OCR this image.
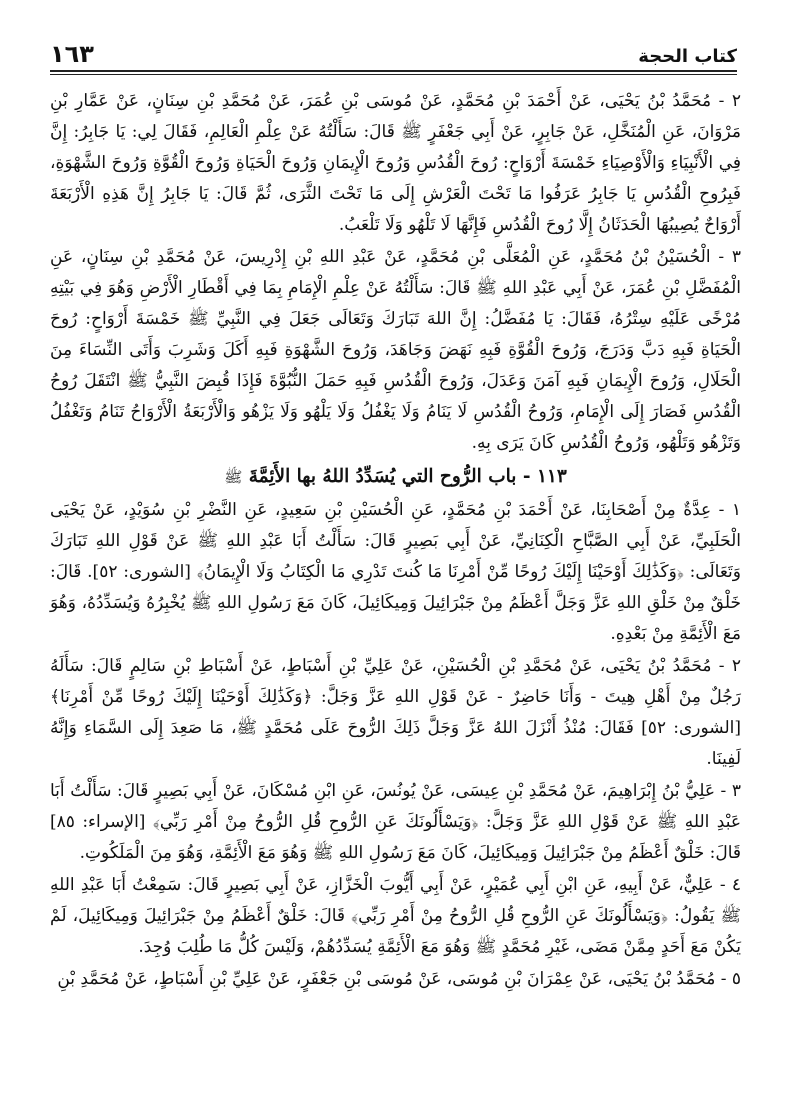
١٦٣	كتاب الحجة

٢ - مُحَمَّدُ بْنُ يَحْيَى، عَنْ أَحْمَدَ بْنِ مُحَمَّدٍ، عَنْ مُوسَى بْنِ عُمَرَ، عَنْ مُحَمَّدِ بْنِ سِنَانٍ، عَنْ عَمَّارِ بْنِ مَرْوَانَ، عَنِ الْمُنَخَّلِ، عَنْ جَابِرٍ، عَنْ أَبِي جَعْفَرٍ ﷺ قَالَ: سَأَلْتُهُ عَنْ عِلْمِ الْعَالِمِ، فَقَالَ لِي: يَا جَابِرُ: إِنَّ فِي الْأَنْبِيَاءِ وَالْأَوْصِيَاءِ خَمْسَةَ أَرْوَاحٍ: رُوحَ الْقُدُسِ وَرُوحَ الْإِيمَانِ وَرُوحَ الْحَيَاةِ وَرُوحَ الْقُوَّةِ وَرُوحَ الشَّهْوَةِ، فَبِرُوحِ الْقُدُسِ يَا جَابِرُ عَرَفُوا مَا تَحْتَ الْعَرْشِ إِلَى مَا تَحْتَ الثَّرَى، ثُمَّ قَالَ: يَا جَابِرُ إِنَّ هَذِهِ الْأَرْبَعَةَ أَرْوَاحٌ يُصِيبُهَا الْحَدَثَانُ إِلَّا رُوحَ الْقُدُسِ فَإِنَّهَا لَا تَلْهُو وَلَا تَلْعَبُ.

٣ - الْحُسَيْنُ بْنُ مُحَمَّدٍ، عَنِ الْمُعَلَّى بْنِ مُحَمَّدٍ، عَنْ عَبْدِ اللهِ بْنِ إِدْرِيسَ، عَنْ مُحَمَّدِ بْنِ سِنَانٍ، عَنِ الْمُفَضَّلِ بْنِ عُمَرَ، عَنْ أَبِي عَبْدِ اللهِ ﷺ قَالَ: سَأَلْتُهُ عَنْ عِلْمِ الْإِمَامِ بِمَا فِي أَقْطَارِ الْأَرْضِ وَهُوَ فِي بَيْتِهِ مُرْخًى عَلَيْهِ سِتْرُهُ، فَقَالَ: يَا مُفَضَّلُ: إِنَّ اللهَ تَبَارَكَ وَتَعَالَى جَعَلَ فِي النَّبِيِّ ﷺ خَمْسَةَ أَرْوَاحٍ: رُوحَ الْحَيَاةِ فَبِهِ دَبَّ وَدَرَجَ، وَرُوحَ الْقُوَّةِ فَبِهِ نَهَضَ وَجَاهَدَ، وَرُوحَ الشَّهْوَةِ فَبِهِ أَكَلَ وَشَرِبَ وَأَتَى النِّسَاءَ مِنَ الْحَلَالِ، وَرُوحَ الْإِيمَانِ فَبِهِ آمَنَ وَعَدَلَ، وَرُوحَ الْقُدُسِ فَبِهِ حَمَلَ النُّبُوَّةَ فَإِذَا قُبِضَ النَّبِيُّ ﷺ انْتَقَلَ رُوحُ الْقُدُسِ فَصَارَ إِلَى الْإِمَامِ، وَرُوحُ الْقُدُسِ لَا يَنَامُ وَلَا يَغْفُلُ وَلَا يَلْهُو وَلَا يَزْهُو وَالْأَرْبَعَةُ الْأَرْوَاحُ تَنَامُ وَتَغْفُلُ وَتَزْهُو وَتَلْهُو، وَرُوحُ الْقُدُسِ كَانَ يَرَى بِهِ.

١١٣ - باب الرُّوح التي يُسَدِّدُ اللهُ بها الأَئِمَّةَ ﷺ

١ - عِدَّةٌ مِنْ أَصْحَابِنَا، عَنْ أَحْمَدَ بْنِ مُحَمَّدٍ، عَنِ الْحُسَيْنِ بْنِ سَعِيدٍ، عَنِ النَّضْرِ بْنِ سُوَيْدٍ، عَنْ يَحْيَى الْحَلَبِيِّ، عَنْ أَبِي الصَّبَّاحِ الْكِنَانِيِّ، عَنْ أَبِي بَصِيرٍ قَالَ: سَأَلْتُ أَبَا عَبْدِ اللهِ ﷺ عَنْ قَوْلِ اللهِ تَبَارَكَ وَتَعَالَى: ﴿وَكَذَٰلِكَ أَوْحَيْنَا إِلَيْكَ رُوحًا مِّنْ أَمْرِنَا مَا كُنتَ تَدْرِي مَا الْكِتَابُ وَلَا الْإِيمَانُ﴾ [الشورى: ٥٢]. قَالَ: خَلْقٌ مِنْ خَلْقِ اللهِ عَزَّ وَجَلَّ أَعْظَمُ مِنْ جَبْرَائِيلَ وَمِيكَائِيلَ، كَانَ مَعَ رَسُولِ اللهِ ﷺ يُخْبِرُهُ وَيُسَدِّدُهُ، وَهُوَ مَعَ الْأَئِمَّةِ مِنْ بَعْدِهِ.

٢ - مُحَمَّدُ بْنُ يَحْيَى، عَنْ مُحَمَّدِ بْنِ الْحُسَيْنِ، عَنْ عَلِيِّ بْنِ أَسْبَاطٍ، عَنْ أَسْبَاطِ بْنِ سَالِمٍ قَالَ: سَأَلَهُ رَجُلٌ مِنْ أَهْلِ هِيتَ - وَأَنَا حَاضِرٌ - عَنْ قَوْلِ اللهِ عَزَّ وَجَلَّ: ﴿وَكَذَٰلِكَ أَوْحَيْنَا إِلَيْكَ رُوحًا مِّنْ أَمْرِنَا﴾ [الشورى: ٥٢] فَقَالَ: مُنْذُ أَنْزَلَ اللهُ عَزَّ وَجَلَّ ذَلِكَ الرُّوحَ عَلَى مُحَمَّدٍ ﷺ، مَا صَعِدَ إِلَى السَّمَاءِ وَإِنَّهُ لَفِينَا.

٣ - عَلِيُّ بْنُ إِبْرَاهِيمَ، عَنْ مُحَمَّدِ بْنِ عِيسَى، عَنْ يُونُسَ، عَنِ ابْنِ مُسْكَانَ، عَنْ أَبِي بَصِيرٍ قَالَ: سَأَلْتُ أَبَا عَبْدِ اللهِ ﷺ عَنْ قَوْلِ اللهِ عَزَّ وَجَلَّ: ﴿وَيَسْأَلُونَكَ عَنِ الرُّوحِ قُلِ الرُّوحُ مِنْ أَمْرِ رَبِّي﴾ [الإسراء: ٨٥] قَالَ: خَلْقٌ أَعْظَمُ مِنْ جَبْرَائِيلَ وَمِيكَائِيلَ، كَانَ مَعَ رَسُولِ اللهِ ﷺ وَهُوَ مَعَ الْأَئِمَّةِ، وَهُوَ مِنَ الْمَلَكُوتِ.

٤ - عَلِيٌّ، عَنْ أَبِيهِ، عَنِ ابْنِ أَبِي عُمَيْرٍ، عَنْ أَبِي أَيُّوبَ الْخَزَّازِ، عَنْ أَبِي بَصِيرٍ قَالَ: سَمِعْتُ أَبَا عَبْدِ اللهِ ﷺ يَقُولُ: ﴿وَيَسْأَلُونَكَ عَنِ الرُّوحِ قُلِ الرُّوحُ مِنْ أَمْرِ رَبِّي﴾ قَالَ: خَلْقٌ أَعْظَمُ مِنْ جَبْرَائِيلَ وَمِيكَائِيلَ، لَمْ يَكُنْ مَعَ أَحَدٍ مِمَّنْ مَضَى، غَيْرِ مُحَمَّدٍ ﷺ وَهُوَ مَعَ الْأَئِمَّةِ يُسَدِّدُهُمْ، وَلَيْسَ كُلُّ مَا طُلِبَ وُجِدَ.

٥ - مُحَمَّدُ بْنُ يَحْيَى، عَنْ عِمْرَانَ بْنِ مُوسَى، عَنْ مُوسَى بْنِ جَعْفَرٍ، عَنْ عَلِيِّ بْنِ أَسْبَاطٍ، عَنْ مُحَمَّدِ بْنِ
